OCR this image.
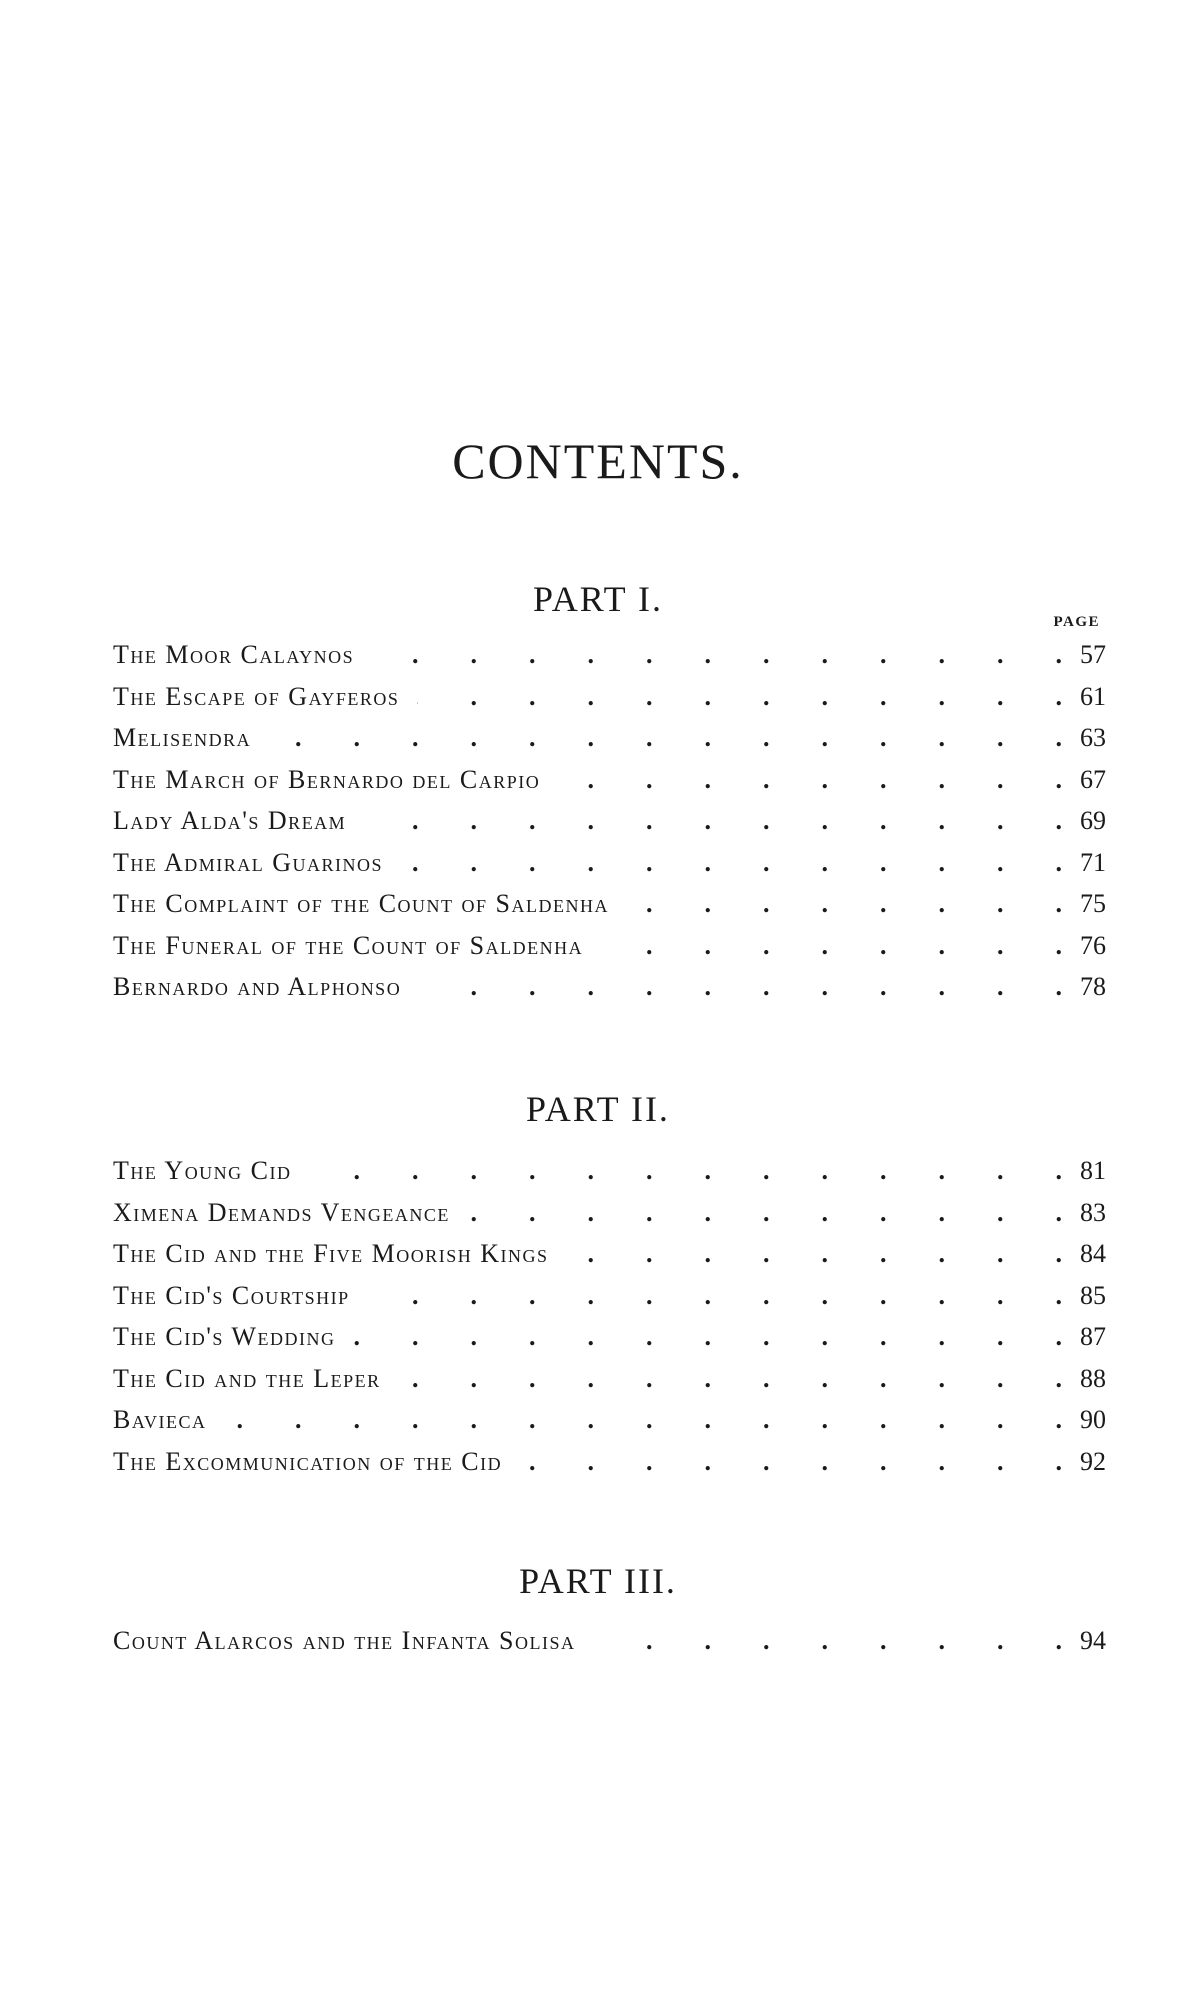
CONTENTS.
PART I.
PAGE
The Moor Calaynos .	57
The Escape of Gayferos .	61
Melisendra .	63
The March of Bernardo del Carpio .	67
Lady Alda's Dream .	69
The Admiral Guarinos .	71
The Complaint of the Count of Saldenha .	75
The Funeral of the Count of Saldenha .	76
Bernardo and Alphonso .	78
PART II.
The Young Cid .	81
Ximena Demands Vengeance .	83
The Cid and the Five Moorish Kings .	84
The Cid's Courtship .	85
The Cid's Wedding .	87
The Cid and the Leper .	88
Bavieca .	90
The Excommunication of the Cid .	92
PART III.
Count Alarcos and the Infanta Solisa .	94
